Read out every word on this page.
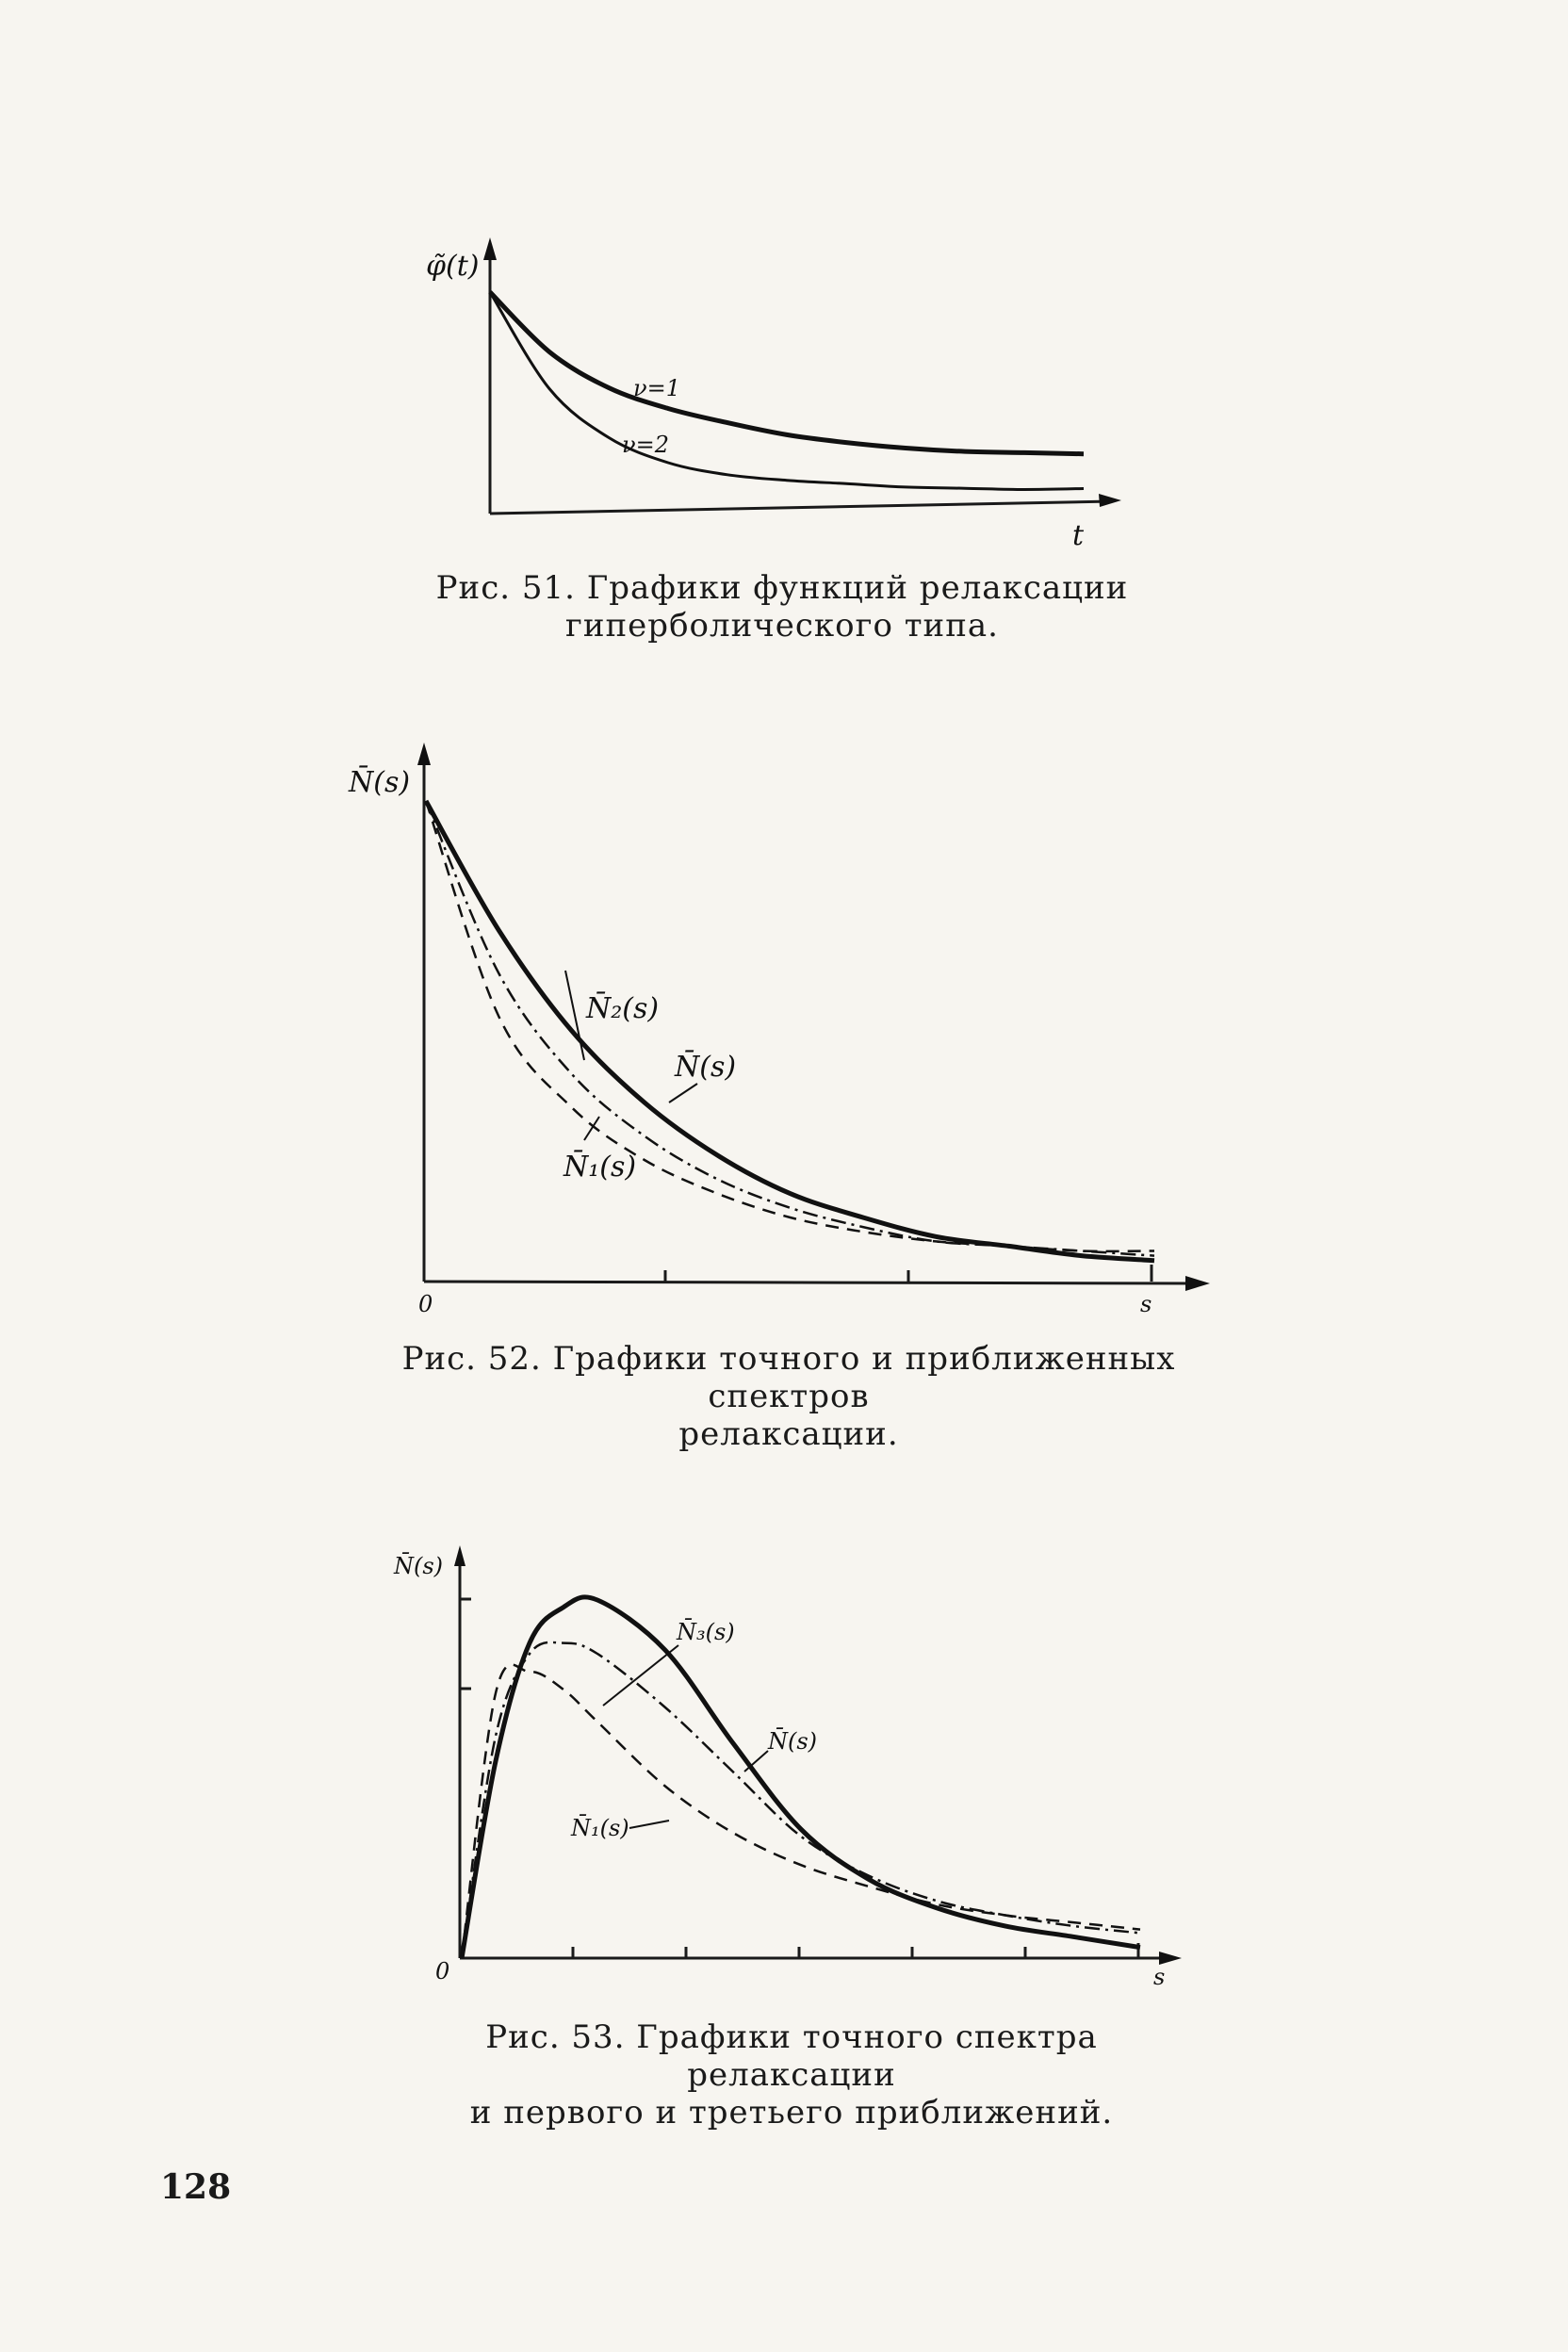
φ̃(t)
t
ν=1
ν=2
Рис. 51. Графики функций релаксации
гиперболического типа.
N̄(s)
0	s
N̄₂(s)
N̄(s)
N̄₁(s)
Рис. 52. Графики точного и приближенных спектров
релаксации.
N̄(s)
0	s
N̄₃(s)
N̄(s)
N̄₁(s)
Рис. 53. Графики точного спектра релаксации
и первого и третьего приближений.
128
